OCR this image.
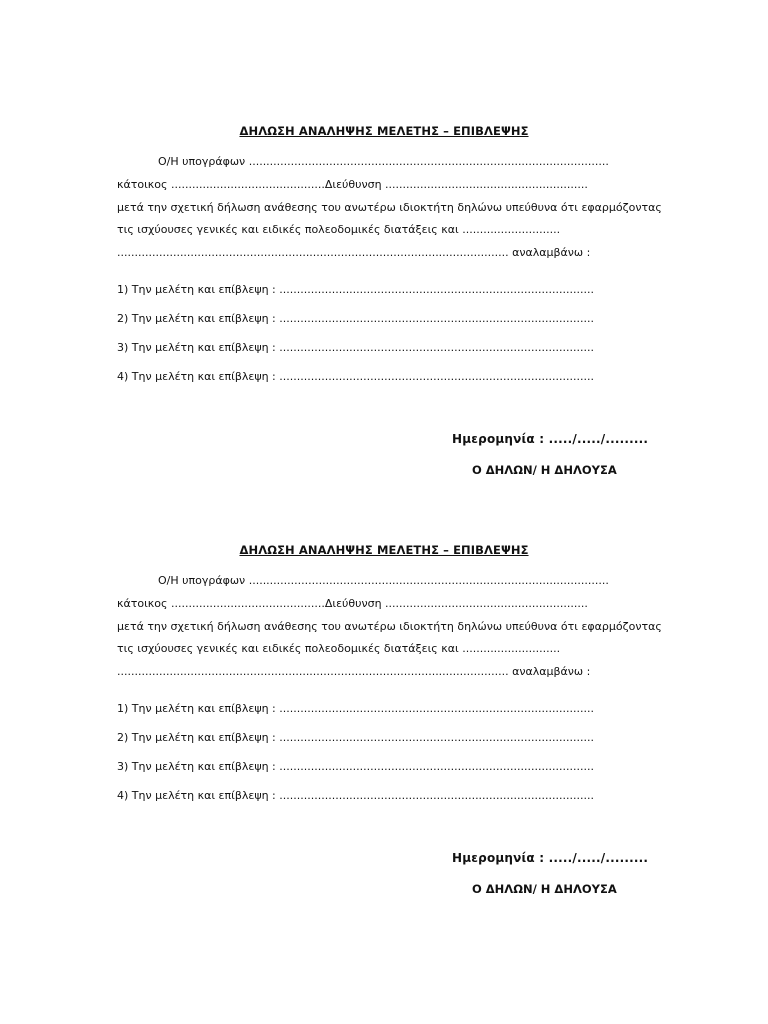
ΔΗΛΩΣΗ ΑΝΑΛΗΨΗΣ ΜΕΛΕΤΗΣ – ΕΠΙΒΛΕΨΗΣ
Ο/Η υπογράφων .......................................................................................................
κάτοικος ............................................Διεύθυνση ..........................................................
μετά την σχετική δήλωση ανάθεσης του ανωτέρω ιδιοκτήτη δηλώνω υπεύθυνα ότι εφαρμόζοντας
τις ισχύουσες γενικές και ειδικές πολεοδομικές διατάξεις και ............................
................................................................................................................ αναλαμβάνω :
1) Την μελέτη και επίβλεψη : ..........................................................................................
2) Την μελέτη και επίβλεψη : ..........................................................................................
3) Την μελέτη και επίβλεψη : ..........................................................................................
4) Την μελέτη και επίβλεψη : ..........................................................................................
Ημερομηνία : ...../...../.........
Ο ΔΗΛΩΝ/ Η ΔΗΛΟΥΣΑ
ΔΗΛΩΣΗ ΑΝΑΛΗΨΗΣ ΜΕΛΕΤΗΣ – ΕΠΙΒΛΕΨΗΣ
Ο/Η υπογράφων .......................................................................................................
κάτοικος ............................................Διεύθυνση ..........................................................
μετά την σχετική δήλωση ανάθεσης του ανωτέρω ιδιοκτήτη δηλώνω υπεύθυνα ότι εφαρμόζοντας
τις ισχύουσες γενικές και ειδικές πολεοδομικές διατάξεις και ............................
................................................................................................................ αναλαμβάνω :
1) Την μελέτη και επίβλεψη : ..........................................................................................
2) Την μελέτη και επίβλεψη : ..........................................................................................
3) Την μελέτη και επίβλεψη : ..........................................................................................
4) Την μελέτη και επίβλεψη : ..........................................................................................
Ημερομηνία : ...../...../.........
Ο ΔΗΛΩΝ/ Η ΔΗΛΟΥΣΑ
